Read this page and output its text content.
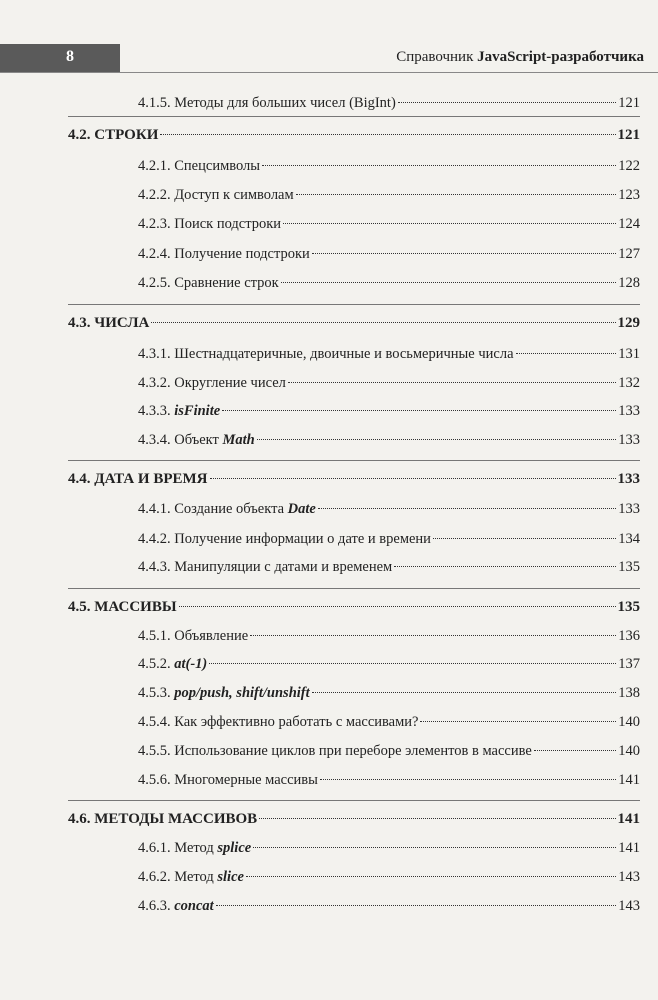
8	Справочник JavaScript-разработчика
4.1.5. Методы для больших чисел (BigInt)	121
4.2. СТРОКИ	121
4.2.1. Спецсимволы	122
4.2.2. Доступ к символам	123
4.2.3. Поиск подстроки	124
4.2.4. Получение подстроки	127
4.2.5. Сравнение строк	128
4.3. ЧИСЛА	129
4.3.1. Шестнадцатеричные, двоичные и восьмеричные числа	131
4.3.2. Округление чисел	132
4.3.3. isFinite	133
4.3.4. Объект Math	133
4.4. ДАТА И ВРЕМЯ	133
4.4.1. Создание объекта Date	133
4.4.2. Получение информации о дате и времени	134
4.4.3. Манипуляции с датами и временем	135
4.5. МАССИВЫ	135
4.5.1. Объявление	136
4.5.2. at(-1)	137
4.5.3. pop/push, shift/unshift	138
4.5.4. Как эффективно работать с массивами?	140
4.5.5. Использование циклов при переборе элементов в массиве	140
4.5.6. Многомерные массивы	141
4.6. МЕТОДЫ МАССИВОВ	141
4.6.1. Метод splice	141
4.6.2. Метод slice	143
4.6.3. concat	143
